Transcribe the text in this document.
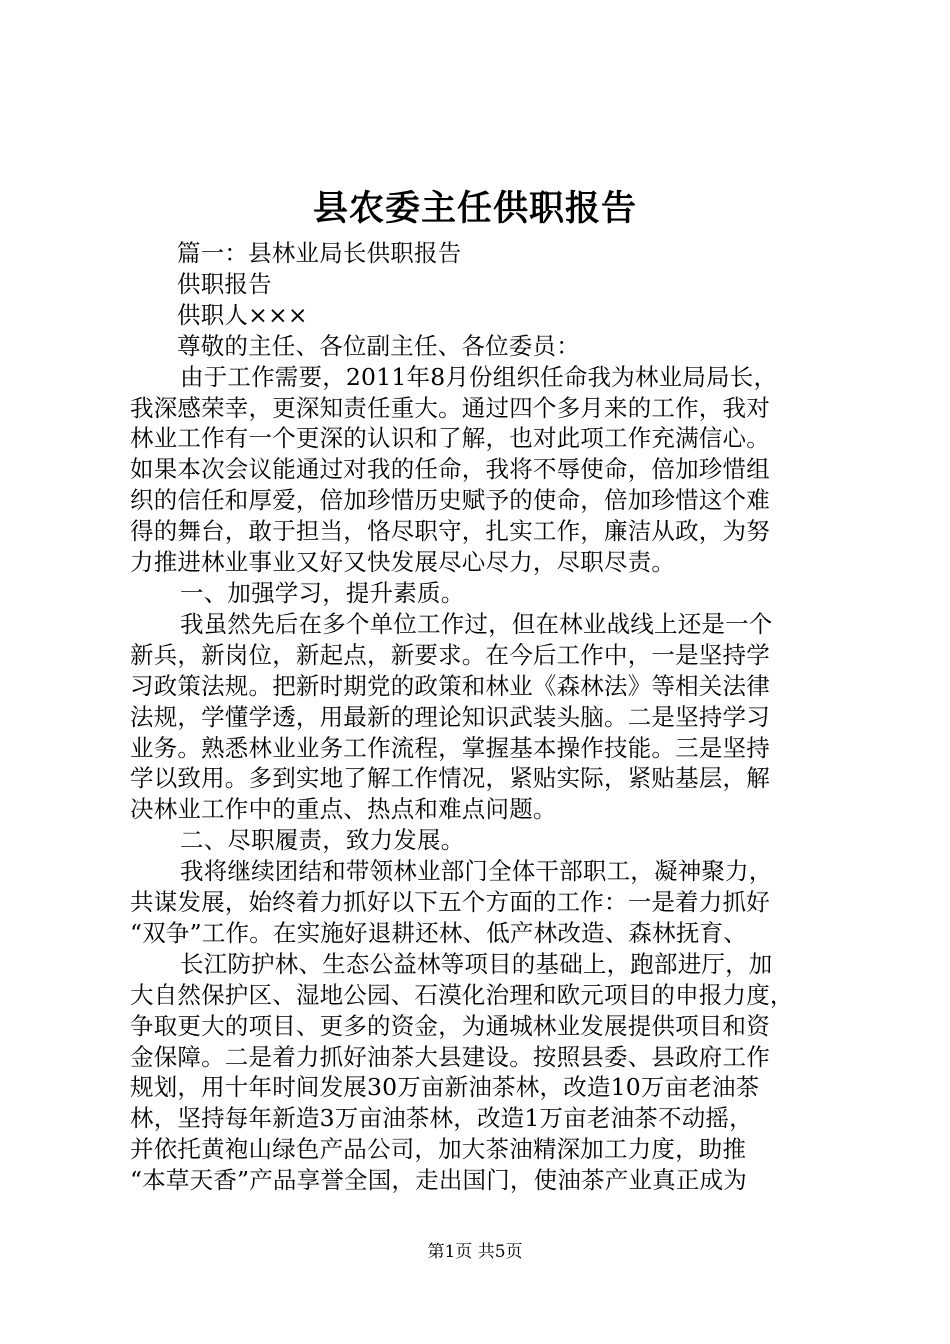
县农委主任供职报告
篇一：县林业局长供职报告
供职报告
供职人×××
尊敬的主任、各位副主任、各位委员：
由于工作需要，2011年8月份组织任命我为林业局局长，
我深感荣幸，更深知责任重大。通过四个多月来的工作，我对
林业工作有一个更深的认识和了解，也对此项工作充满信心。
如果本次会议能通过对我的任命，我将不辱使命，倍加珍惜组
织的信任和厚爱，倍加珍惜历史赋予的使命，倍加珍惜这个难
得的舞台，敢于担当，恪尽职守，扎实工作，廉洁从政，为努
力推进林业事业又好又快发展尽心尽力，尽职尽责。
一、加强学习，提升素质。
我虽然先后在多个单位工作过，但在林业战线上还是一个
新兵，新岗位，新起点，新要求。在今后工作中，一是坚持学
习政策法规。把新时期党的政策和林业《森林法》等相关法律
法规，学懂学透，用最新的理论知识武装头脑。二是坚持学习
业务。熟悉林业业务工作流程，掌握基本操作技能。三是坚持
学以致用。多到实地了解工作情况，紧贴实际，紧贴基层，解
决林业工作中的重点、热点和难点问题。
二、尽职履责，致力发展。
我将继续团结和带领林业部门全体干部职工，凝神聚力，
共谋发展，始终着力抓好以下五个方面的工作：一是着力抓好
“双争”工作。在实施好退耕还林、低产林改造、森林抚育、
长江防护林、生态公益林等项目的基础上，跑部进厅，加
大自然保护区、湿地公园、石漠化治理和欧元项目的申报力度，
争取更大的项目、更多的资金，为通城林业发展提供项目和资
金保障。二是着力抓好油茶大县建设。按照县委、县政府工作
规划，用十年时间发展30万亩新油茶林，改造10万亩老油茶
林，坚持每年新造3万亩油茶林，改造1万亩老油茶不动摇，
并依托黄袍山绿色产品公司，加大茶油精深加工力度，助推
“本草天香”产品享誉全国，走出国门，使油茶产业真正成为
第1页 共5页
